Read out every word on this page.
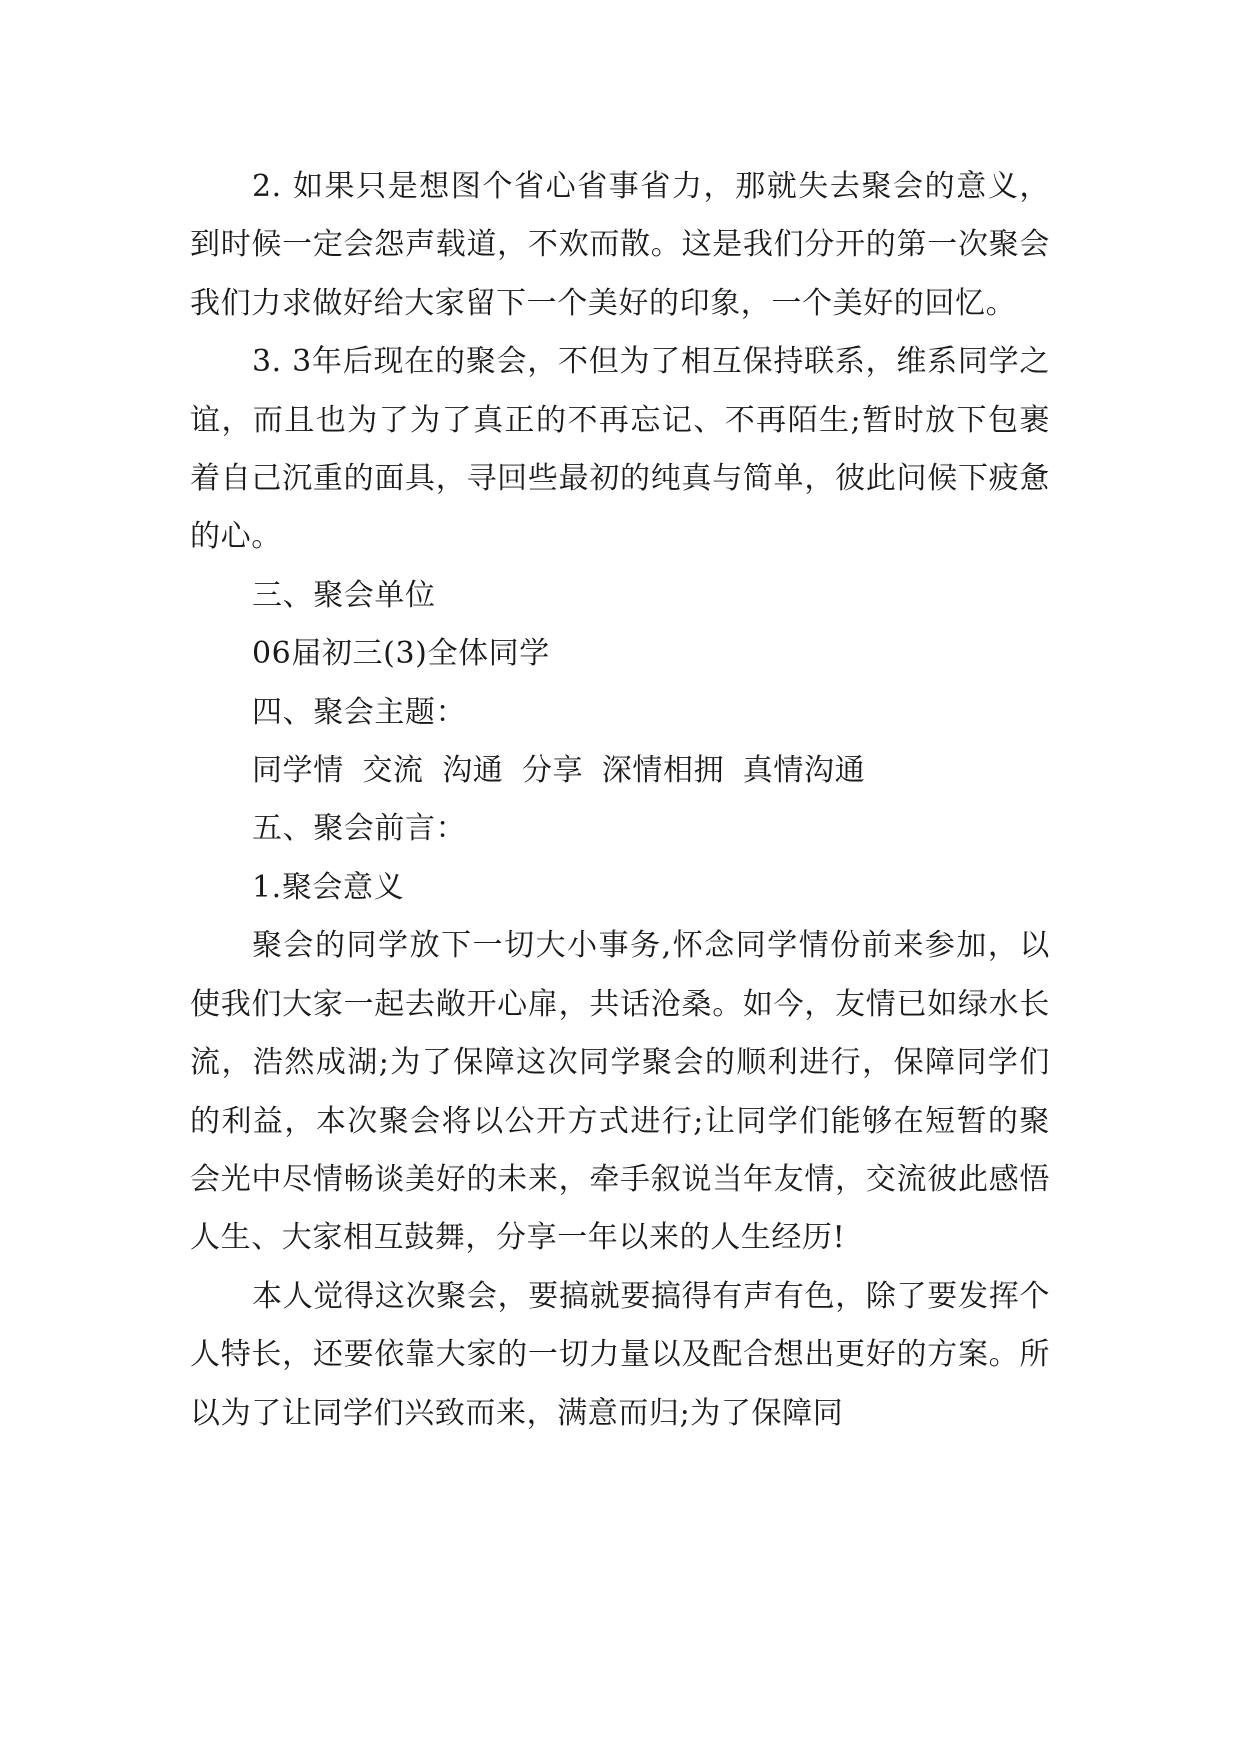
2. 如果只是想图个省心省事省力，那就失去聚会的意义，到时候一定会怨声载道，不欢而散。这是我们分开的第一次聚会我们力求做好给大家留下一个美好的印象，一个美好的回忆。

3. 3年后现在的聚会，不但为了相互保持联系，维系同学之谊，而且也为了为了真正的不再忘记、不再陌生;暂时放下包裹着自己沉重的面具，寻回些最初的纯真与简单，彼此问候下疲惫的心。

三、聚会单位

06届初三(3)全体同学

四、聚会主题：

同学情 交流 沟通 分享 深情相拥 真情沟通

五、聚会前言：

1.聚会意义

聚会的同学放下一切大小事务,怀念同学情份前来参加，以使我们大家一起去敞开心扉，共话沧桑。如今，友情已如绿水长流，浩然成湖;为了保障这次同学聚会的顺利进行，保障同学们的利益，本次聚会将以公开方式进行;让同学们能够在短暂的聚会光中尽情畅谈美好的未来，牵手叙说当年友情，交流彼此感悟人生、大家相互鼓舞，分享一年以来的人生经历!

本人觉得这次聚会，要搞就要搞得有声有色，除了要发挥个人特长，还要依靠大家的一切力量以及配合想出更好的方案。所以为了让同学们兴致而来，满意而归;为了保障同
